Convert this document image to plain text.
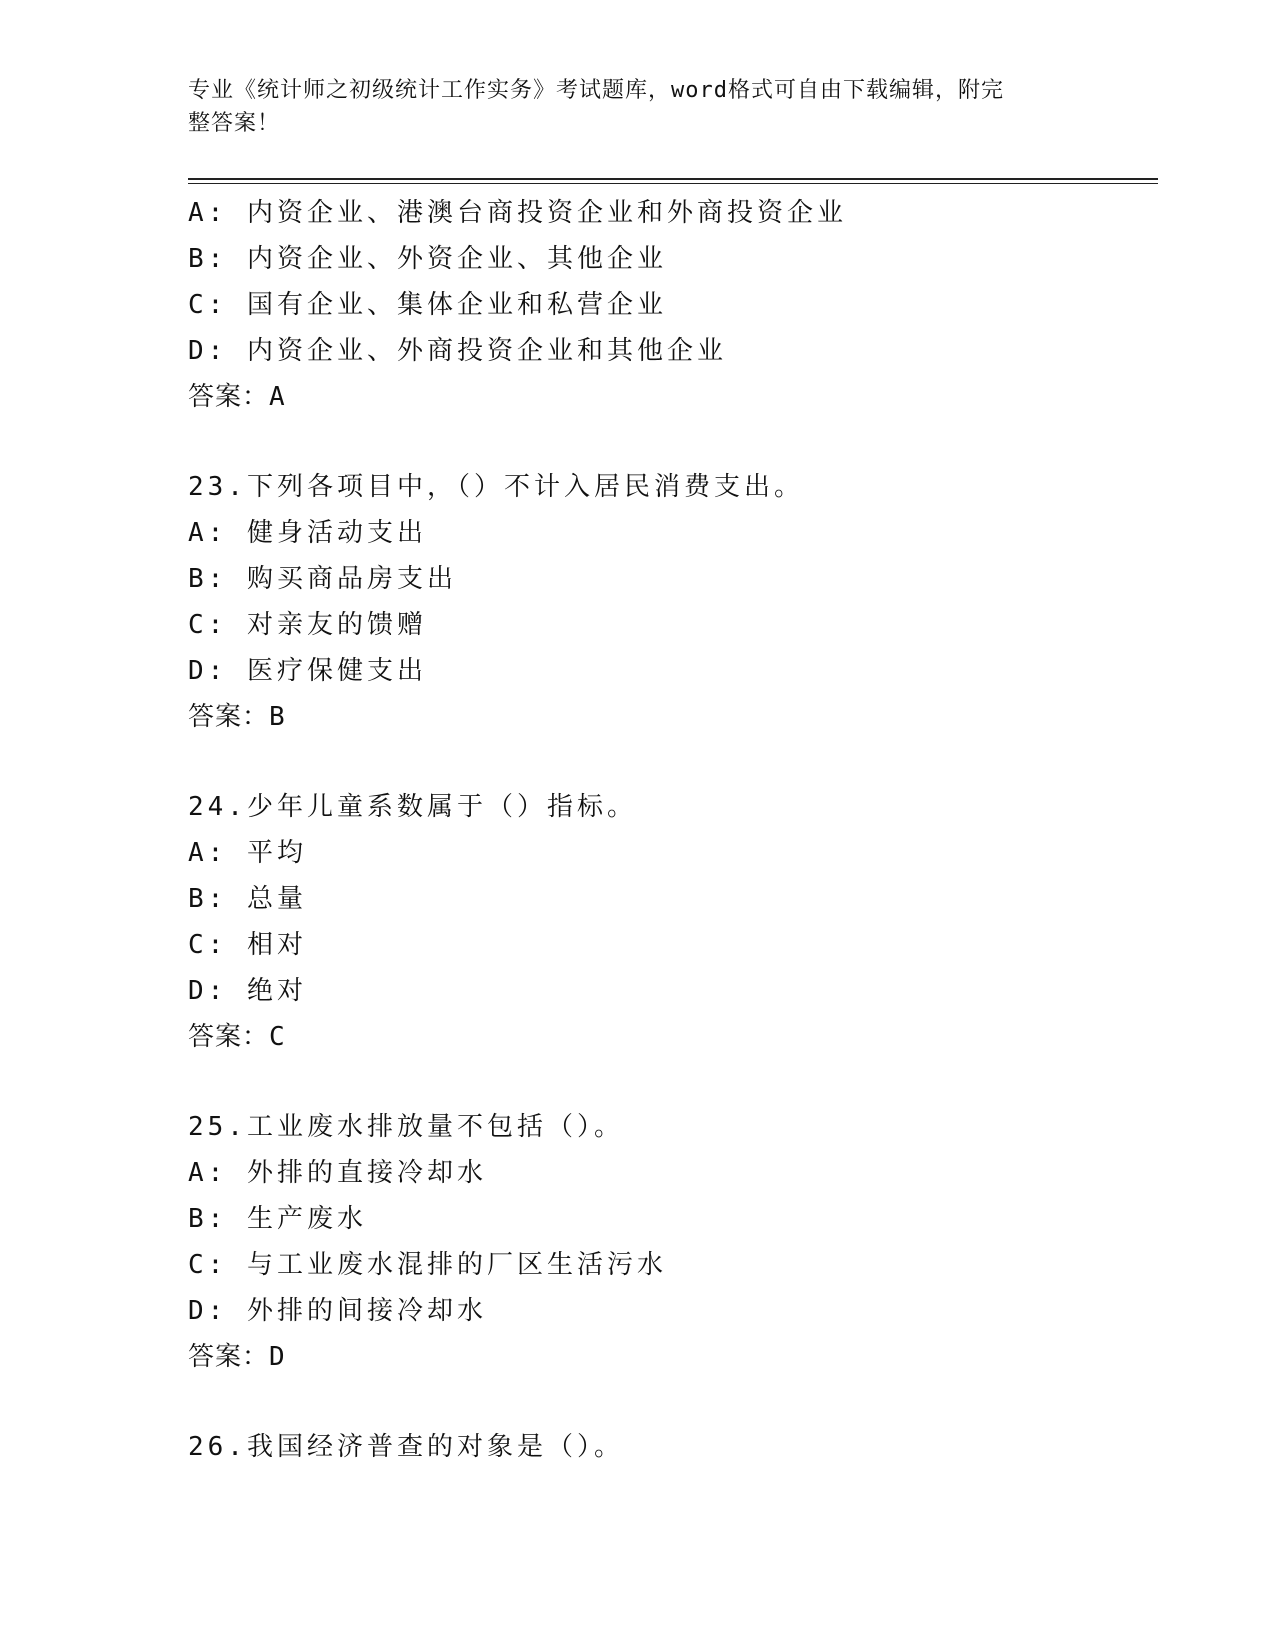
专业《统计师之初级统计工作实务》考试题库，word格式可自由下载编辑，附完
整答案！
A: 内资企业、港澳台商投资企业和外商投资企业
B: 内资企业、外资企业、其他企业
C: 国有企业、集体企业和私营企业
D: 内资企业、外商投资企业和其他企业
答案：A
23.下列各项目中，（）不计入居民消费支出。
A: 健身活动支出
B: 购买商品房支出
C: 对亲友的馈赠
D: 医疗保健支出
答案：B
24.少年儿童系数属于（）指标。
A: 平均
B: 总量
C: 相对
D: 绝对
答案：C
25.工业废水排放量不包括（）。
A: 外排的直接冷却水
B: 生产废水
C: 与工业废水混排的厂区生活污水
D: 外排的间接冷却水
答案：D
26.我国经济普查的对象是（）。
